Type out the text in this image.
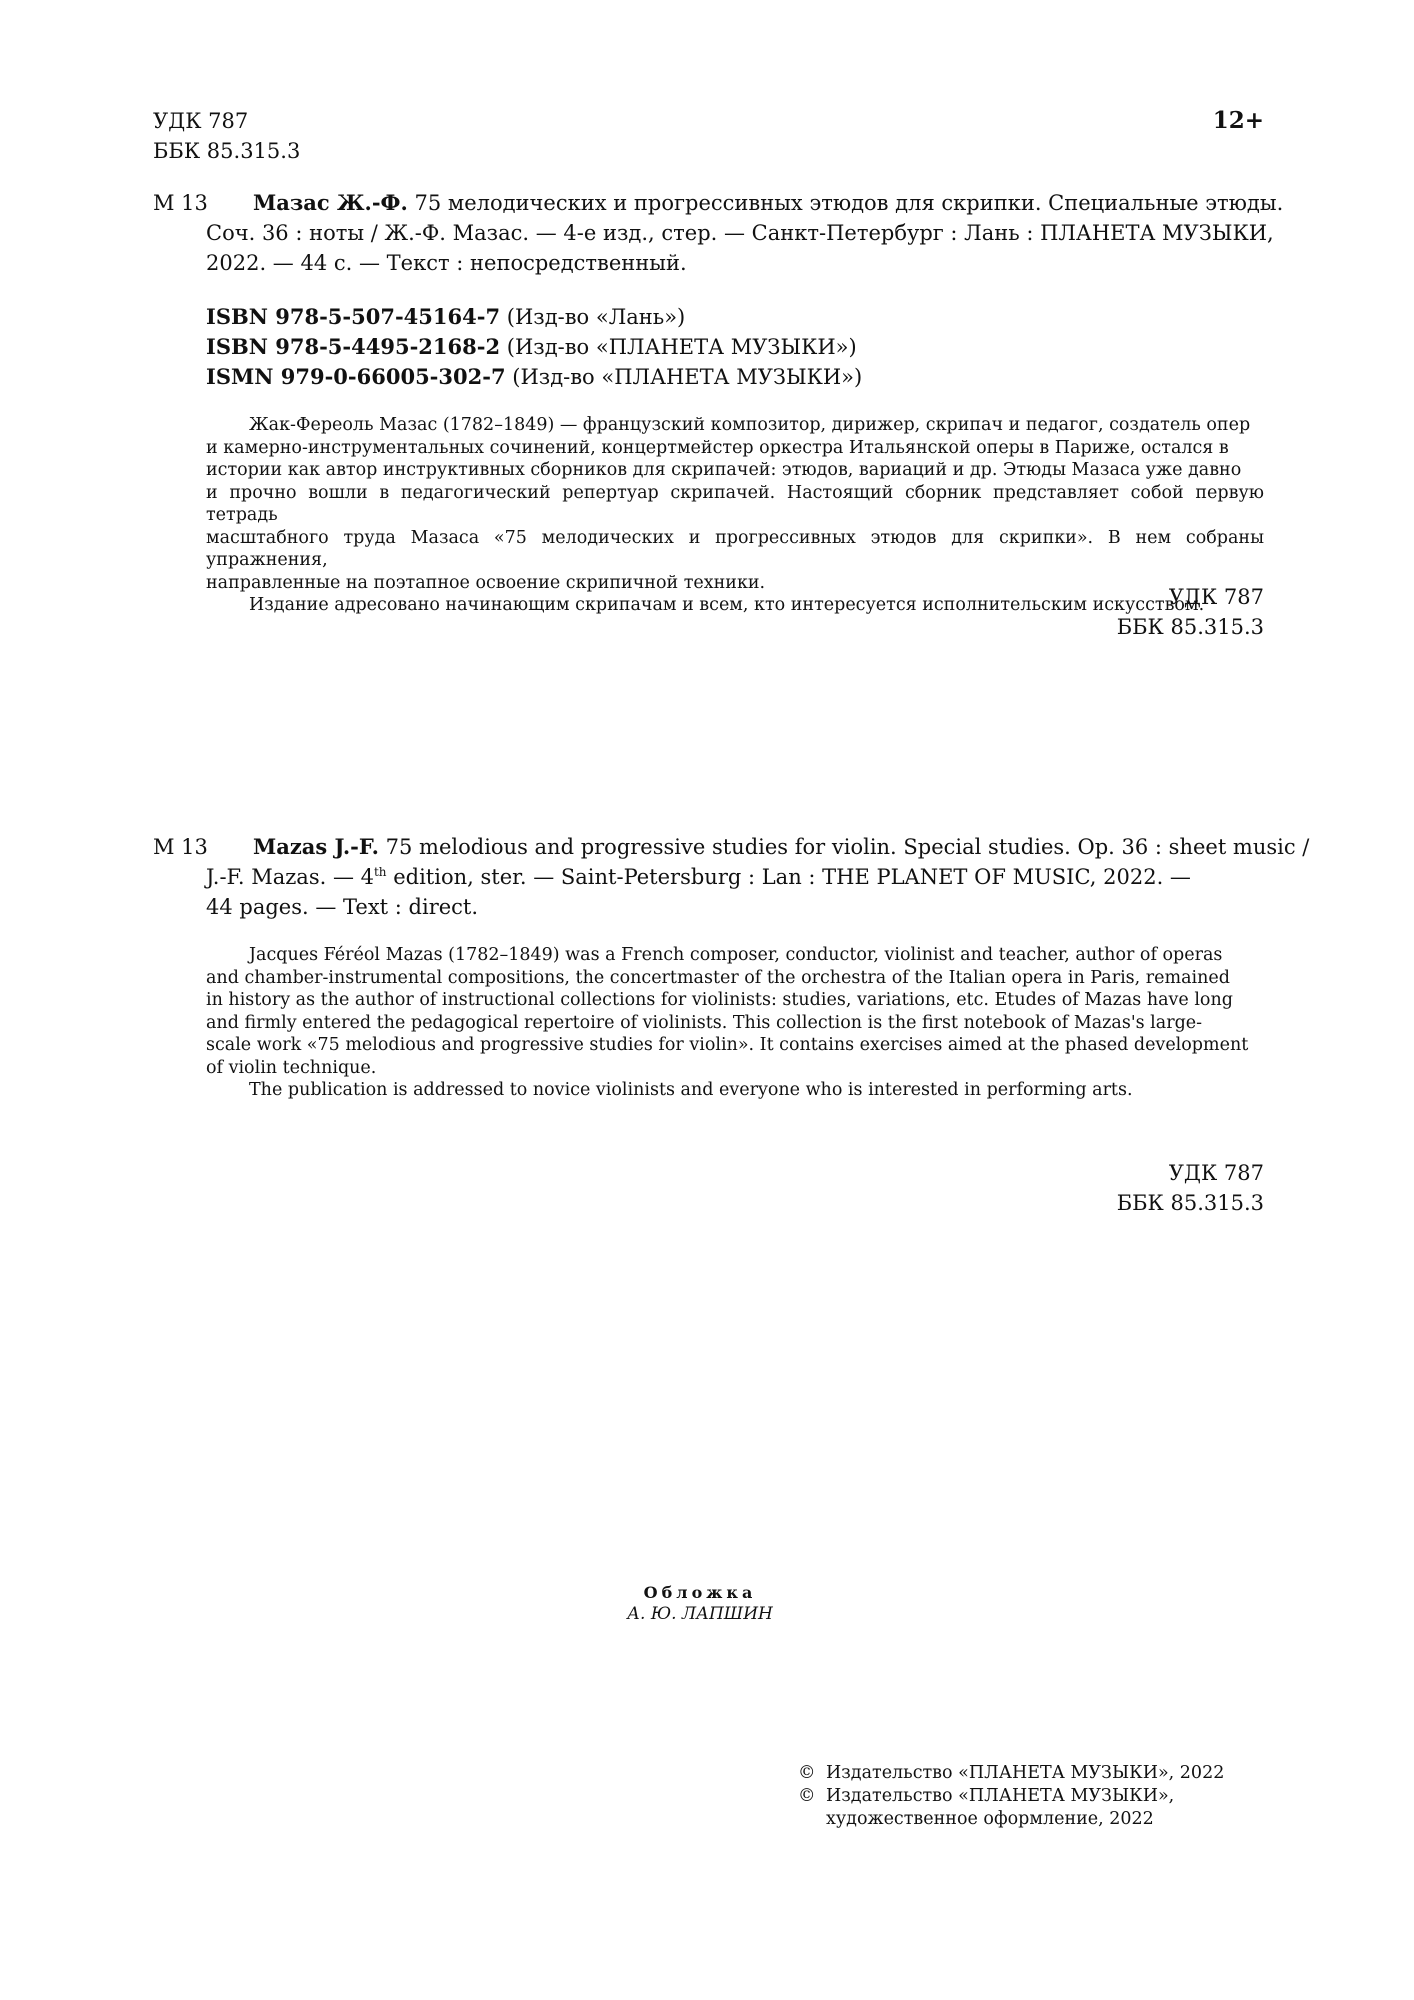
УДК 787
ББК 85.315.3
12+
М 13 Мазас Ж.-Ф. 75 мелодических и прогрессивных этюдов для скрипки. Специальные этюды.
Соч. 36 : ноты / Ж.-Ф. Мазас. — 4-е изд., стер. — Санкт-Петербург : Лань : ПЛАНЕТА МУЗЫКИ,
2022. — 44 с. — Текст : непосредственный.
ISBN 978-5-507-45164-7 (Изд-во «Лань»)
ISBN 978-5-4495-2168-2 (Изд-во «ПЛАНЕТА МУЗЫКИ»)
ISMN 979-0-66005-302-7 (Изд-во «ПЛАНЕТА МУЗЫКИ»)
Жак-Фереоль Мазас (1782–1849) — французский композитор, дирижер, скрипач и педагог, создатель опер
и камерно-инструментальных сочинений, концертмейстер оркестра Итальянской оперы в Париже, остался в
истории как автор инструктивных сборников для скрипачей: этюдов, вариаций и др. Этюды Мазаса уже давно
и прочно вошли в педагогический репертуар скрипачей. Настоящий сборник представляет собой первую тетрадь
масштабного труда Мазаса «75 мелодических и прогрессивных этюдов для скрипки». В нем собраны упражнения,
направленные на поэтапное освоение скрипичной техники.
Издание адресовано начинающим скрипачам и всем, кто интересуется исполнительским искусством.
УДК 787
ББК 85.315.3
М 13 Mazas J.-F. 75 melodious and progressive studies for violin. Special studies. Op. 36 : sheet music /
J.-F. Mazas. — 4th edition, ster. — Saint-Petersburg : Lan : THE PLANET OF MUSIC, 2022. —
44 pages. — Text : direct.
Jacques Féréol Mazas (1782–1849) was a French composer, conductor, violinist and teacher, author of operas
and chamber-instrumental compositions, the concertmaster of the orchestra of the Italian opera in Paris, remained
in history as the author of instructional collections for violinists: studies, variations, etc. Etudes of Mazas have long
and firmly entered the pedagogical repertoire of violinists. This collection is the first notebook of Mazas's large-
scale work «75 melodious and progressive studies for violin». It contains exercises aimed at the phased development
of violin technique.
The publication is addressed to novice violinists and everyone who is interested in performing arts.
УДК 787
ББК 85.315.3
Обложка
А. Ю. ЛАПШИН
© Издательство «ПЛАНЕТА МУЗЫКИ», 2022
© Издательство «ПЛАНЕТА МУЗЫКИ»,
художественное оформление, 2022
